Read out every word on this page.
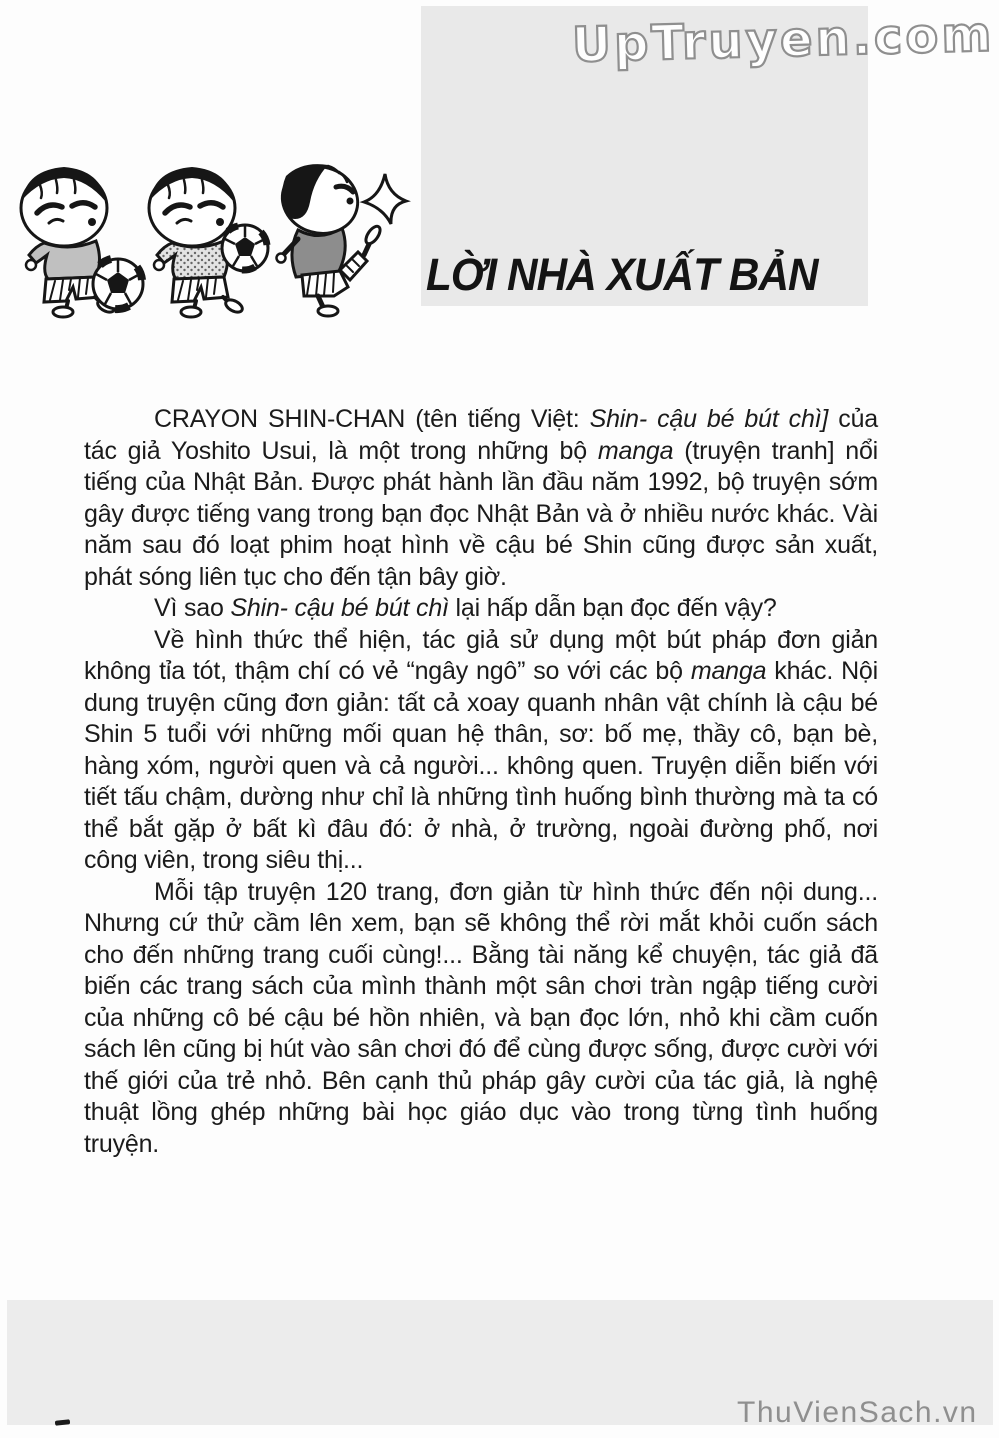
UpTruyen.com
LỜI NHÀ XUẤT BẢN

CRAYON SHIN-CHAN (tên tiếng Việt: Shin- cậu bé bút chì] của tác giả Yoshito Usui, là một trong những bộ manga (truyện tranh] nổi tiếng của Nhật Bản. Được phát hành lần đầu năm 1992, bộ truyện sớm gây được tiếng vang trong bạn đọc Nhật Bản và ở nhiều nước khác. Vài năm sau đó loạt phim hoạt hình về cậu bé Shin cũng được sản xuất, phát sóng liên tục cho đến tận bây giờ.

Vì sao Shin- cậu bé bút chì lại hấp dẫn bạn đọc đến vậy?

Về hình thức thể hiện, tác giả sử dụng một bút pháp đơn giản không tỉa tót, thậm chí có vẻ “ngây ngô” so với các bộ manga khác. Nội dung truyện cũng đơn giản: tất cả xoay quanh nhân vật chính là cậu bé Shin 5 tuổi với những mối quan hệ thân, sơ: bố mẹ, thầy cô, bạn bè, hàng xóm, người quen và cả người... không quen. Truyện diễn biến với tiết tấu chậm, dường như chỉ là những tình huống bình thường mà ta có thể bắt gặp ở bất kì đâu đó: ở nhà, ở trường, ngoài đường phố, nơi công viên, trong siêu thị...

Mỗi tập truyện 120 trang, đơn giản từ hình thức đến nội dung... Nhưng cứ thử cầm lên xem, bạn sẽ không thể rời mắt khỏi cuốn sách cho đến những trang cuối cùng!... Bằng tài năng kể chuyện, tác giả đã biến các trang sách của mình thành một sân chơi tràn ngập tiếng cười của những cô bé cậu bé hồn nhiên, và bạn đọc lớn, nhỏ khi cầm cuốn sách lên cũng bị hút vào sân chơi đó để cùng được sống, được cười với thế giới của trẻ nhỏ. Bên cạnh thủ pháp gây cười của tác giả, là nghệ thuật lồng ghép những bài học giáo dục vào trong từng tình huống truyện.

ThuVienSach.vn
